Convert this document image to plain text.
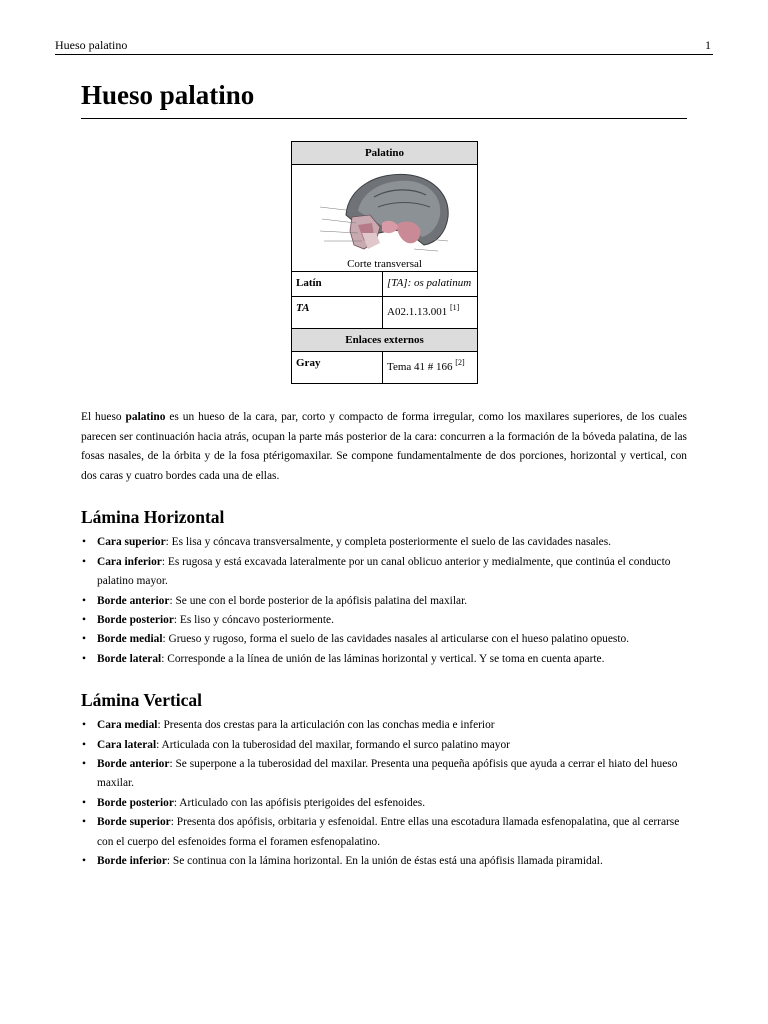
Hueso palatino	1
Hueso palatino
Palatino	

Corte transversal	

Latín	[TA]: os palatinum
TA	A02.1.13.001 [1]
Enlaces externos	
Gray	Tema 41 # 166 [2]

El hueso palatino es un hueso de la cara, par, corto y compacto de forma irregular, como los maxilares superiores, de los cuales parecen ser continuación hacia atrás, ocupan la parte más posterior de la cara: concurren a la formación de la bóveda palatina, de las fosas nasales, de la órbita y de la fosa ptérigomaxilar. Se compone fundamentalmente de dos porciones, horizontal y vertical, con dos caras y cuatro bordes cada una de ellas.

Lámina Horizontal
• Cara superior: Es lisa y cóncava transversalmente, y completa posteriormente el suelo de las cavidades nasales.
• Cara inferior: Es rugosa y está excavada lateralmente por un canal oblicuo anterior y medialmente, que continúa el conducto palatino mayor.
• Borde anterior: Se une con el borde posterior de la apófisis palatina del maxilar.
• Borde posterior: Es liso y cóncavo posteriormente.
• Borde medial: Grueso y rugoso, forma el suelo de las cavidades nasales al articularse con el hueso palatino opuesto.
• Borde lateral: Corresponde a la línea de unión de las láminas horizontal y vertical. Y se toma en cuenta aparte.
Lámina Vertical
• Cara medial: Presenta dos crestas para la articulación con las conchas media e inferior
• Cara lateral: Articulada con la tuberosidad del maxilar, formando el surco palatino mayor
• Borde anterior: Se superpone a la tuberosidad del maxilar. Presenta una pequeña apófisis que ayuda a cerrar el hiato del hueso maxilar.
• Borde posterior: Articulado con las apófisis pterigoides del esfenoides.
• Borde superior: Presenta dos apófisis, orbitaria y esfenoidal. Entre ellas una escotadura llamada esfenopalatina, que al cerrarse con el cuerpo del esfenoides forma el foramen esfenopalatino.
• Borde inferior: Se continua con la lámina horizontal. En la unión de éstas está una apófisis llamada piramidal.
